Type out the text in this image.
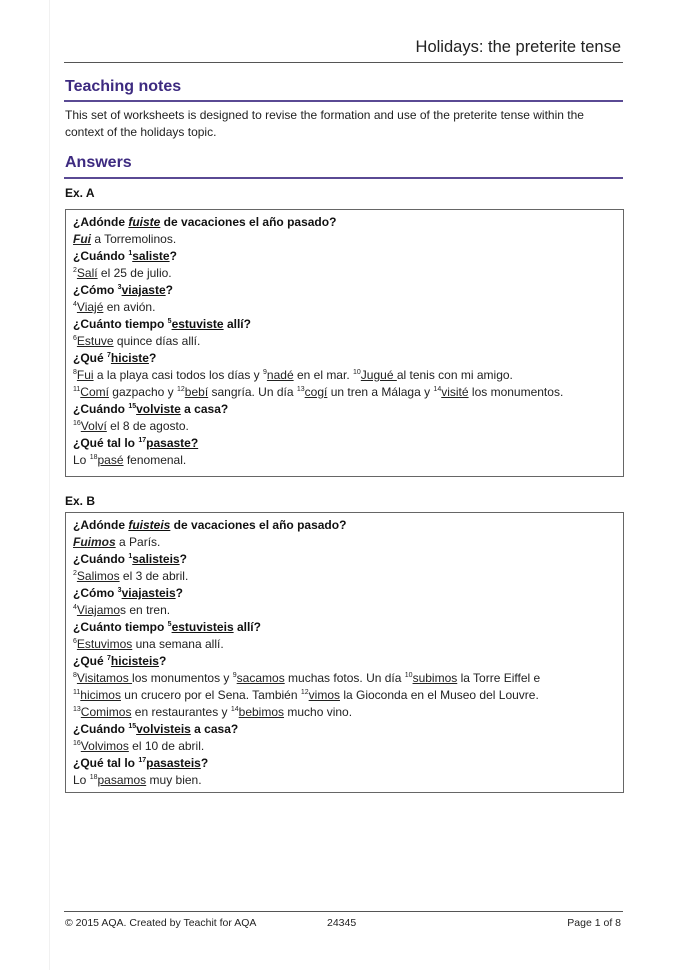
Holidays: the preterite tense
Teaching notes
This set of worksheets is designed to revise the formation and use of the preterite tense within the context of the holidays topic.
Answers
Ex. A
¿Adónde fuiste de vacaciones el año pasado?
Fui a Torremolinos.
¿Cuándo $^1$saliste?
$^2$Salí el 25 de julio.
¿Cómo $^3$viajaste?
$^4$Viajé en avión.
¿Cuánto tiempo $^5$estuviste allí?
$^6$Estuve quince días allí.
¿Qué $^7$hiciste?
$^8$Fui a la playa casi todos los días y $^9$nadé en el mar. $^{10}$Jugué al tenis con mi amigo.
$^{11}$Comí gazpacho y $^{12}$bebí sangría. Un día $^{13}$cogí un tren a Málaga y $^{14}$visité los monumentos.
¿Cuándo $^{15}$volviste a casa?
$^{16}$Volví el 8 de agosto.
¿Qué tal lo $^{17}$pasaste?
Lo $^{18}$pasé fenomenal.
Ex. B
¿Adónde fuisteis de vacaciones el año pasado?
Fuimos a París.
¿Cuándo $^1$salisteis?
$^2$Salimos el 3 de abril.
¿Cómo $^3$viajasteis?
$^4$Viajamos en tren.
¿Cuánto tiempo $^5$estuvisteis allí?
$^6$Estuvimos una semana allí.
¿Qué $^7$hicisteis?
$^8$Visitamos los monumentos y $^9$sacamos muchas fotos. Un día $^{10}$subimos la Torre Eiffel e
$^{11}$hicimos un crucero por el Sena. También $^{12}$vimos la Gioconda en el Museo del Louvre.
$^{13}$Comimos en restaurantes y $^{14}$bebimos mucho vino.
¿Cuándo $^{15}$volvisteis a casa?
$^{16}$Volvimos el 10 de abril.
¿Qué tal lo $^{17}$pasasteis?
Lo $^{18}$pasamos muy bien.
© 2015 AQA. Created by Teachit for AQA	24345	Page 1 of 8
